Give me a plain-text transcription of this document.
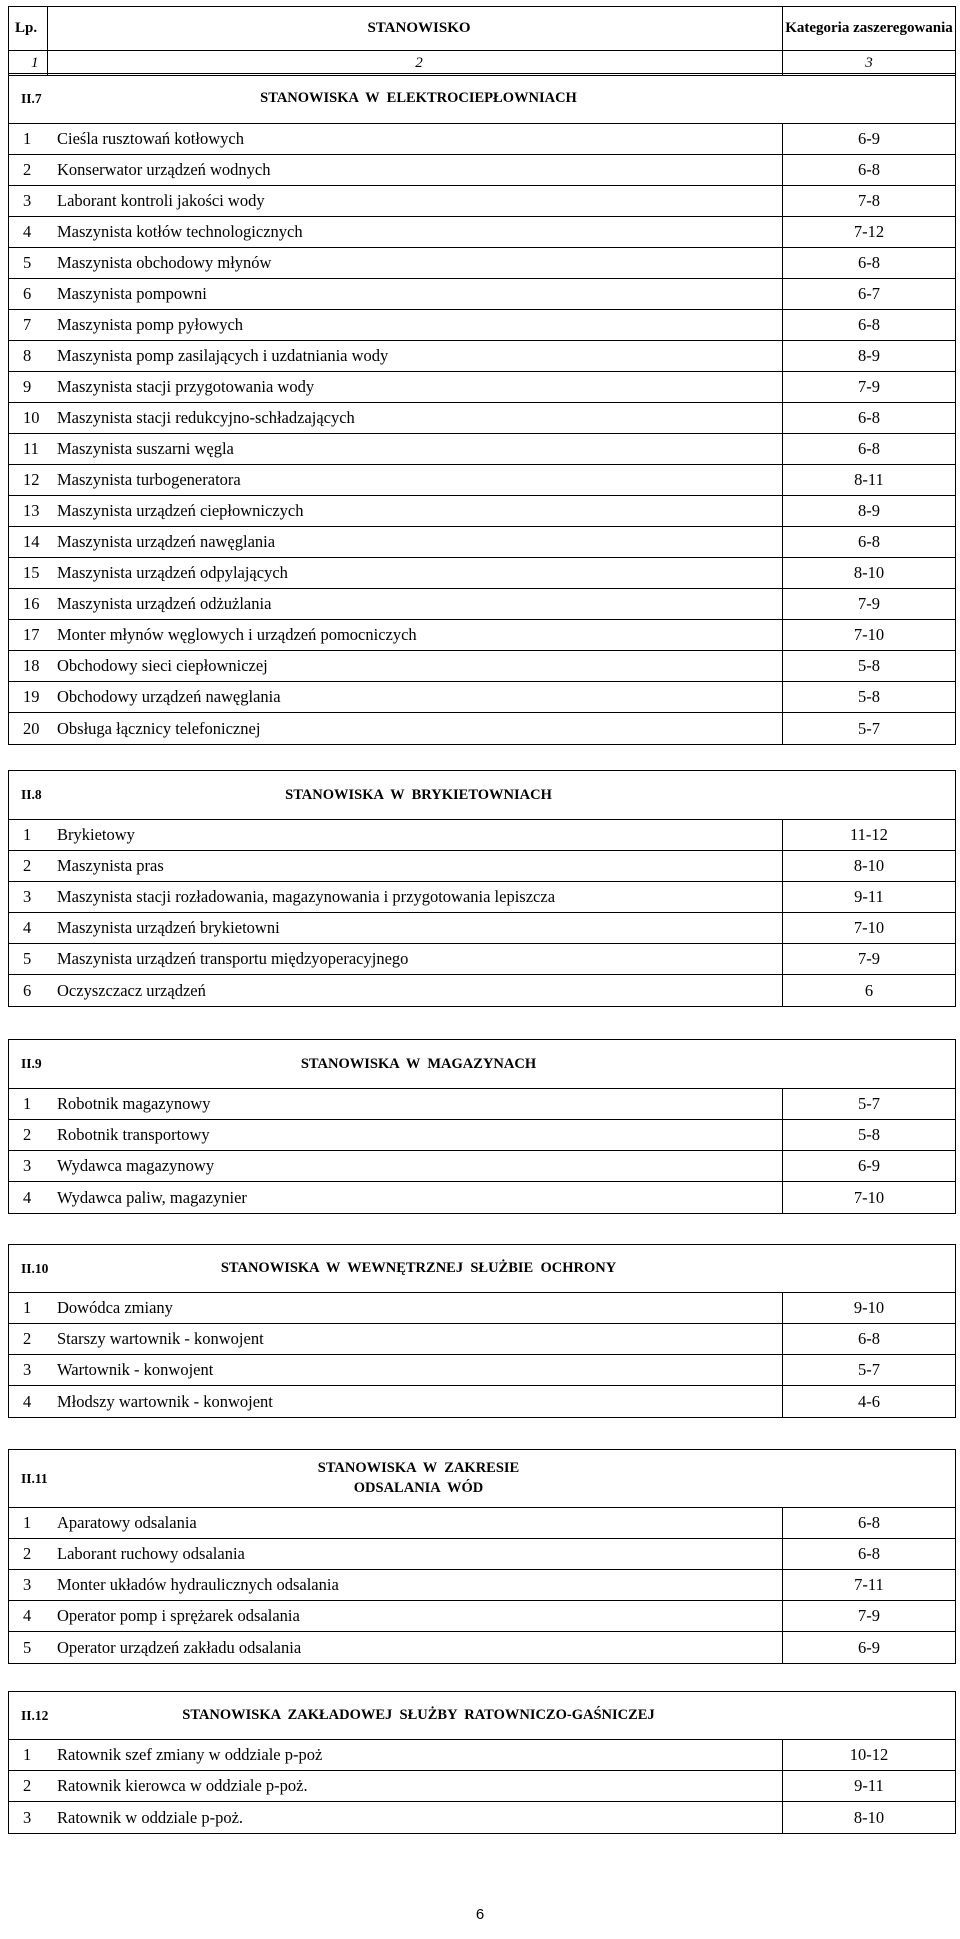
Lp.	STANOWISKO	Kategoria zaszeregowania
1	2	3
II.7	STANOWISKA  W  ELEKTROCIEPŁOWNIACH
1	Cieśla rusztowań kotłowych	6-9
2	Konserwator urządzeń wodnych	6-8
3	Laborant kontroli jakości wody	7-8
4	Maszynista kotłów technologicznych	7-12
5	Maszynista obchodowy młynów	6-8
6	Maszynista pompowni	6-7
7	Maszynista pomp pyłowych	6-8
8	Maszynista pomp zasilających i uzdatniania wody	8-9
9	Maszynista stacji przygotowania wody	7-9
10	Maszynista stacji redukcyjno-schładzających	6-8
11	Maszynista suszarni węgla	6-8
12	Maszynista turbogeneratora	8-11
13	Maszynista urządzeń ciepłowniczych	8-9
14	Maszynista urządzeń nawęglania	6-8
15	Maszynista urządzeń odpylających	8-10
16	Maszynista urządzeń odżużlania	7-9
17	Monter młynów węglowych i urządzeń pomocniczych	7-10
18	Obchodowy sieci ciepłowniczej	5-8
19	Obchodowy urządzeń nawęglania	5-8
20	Obsługa łącznicy telefonicznej	5-7
II.8	STANOWISKA  W  BRYKIETOWNIACH
1	Brykietowy	11-12
2	Maszynista pras	8-10
3	Maszynista stacji rozładowania, magazynowania i przygotowania lepiszcza	9-11
4	Maszynista urządzeń brykietowni	7-10
5	Maszynista urządzeń transportu międzyoperacyjnego	7-9
6	Oczyszczacz urządzeń	6
II.9	STANOWISKA  W  MAGAZYNACH
1	Robotnik magazynowy	5-7
2	Robotnik transportowy	5-8
3	Wydawca magazynowy	6-9
4	Wydawca paliw, magazynier	7-10
II.10	STANOWISKA  W  WEWNĘTRZNEJ  SŁUŻBIE  OCHRONY
1	Dowódca zmiany	9-10
2	Starszy wartownik - konwojent	6-8
3	Wartownik - konwojent	5-7
4	Młodszy wartownik - konwojent	4-6
II.11
STANOWISKA  W  ZAKRESIE
ODSALANIA  WÓD
1	Aparatowy odsalania	6-8
2	Laborant ruchowy odsalania	6-8
3	Monter układów hydraulicznych odsalania	7-11
4	Operator pomp i sprężarek odsalania	7-9
5	Operator urządzeń zakładu odsalania	6-9
II.12	STANOWISKA  ZAKŁADOWEJ  SŁUŻBY  RATOWNICZO-GAŚNICZEJ
1	Ratownik szef zmiany w oddziale p-poż	10-12
2	Ratownik kierowca w oddziale p-poż.	9-11
3	Ratownik w oddziale p-poż.	8-10
6
